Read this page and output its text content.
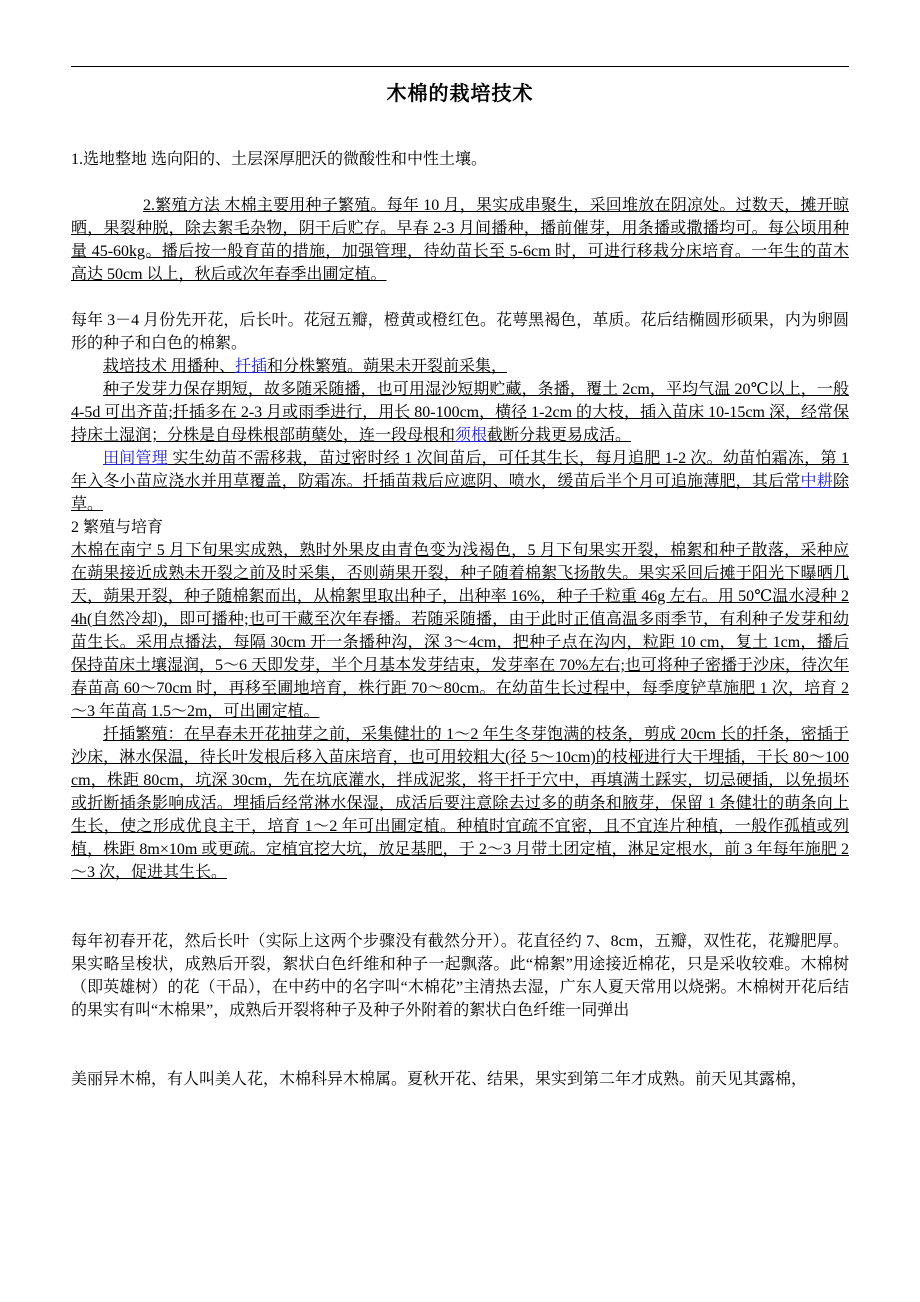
木棉的栽培技术

1.选地整地 选向阳的、土层深厚肥沃的微酸性和中性土壤。

2.繁殖方法 木棉主要用种子繁殖。每年 10 月，果实成串聚生，采回堆放在阴凉处。过数天，摊开晾晒，果裂种脱，除去絮毛杂物，阴干后贮存。早春 2-3 月间播种，播前催芽，用条播或撒播均可。每公顷用种量 45-60kg。播后按一般育苗的措施，加强管理，待幼苗长至 5-6cm 时，可进行移栽分床培育。一年生的苗木高达 50cm 以上，秋后或次年春季出圃定植。

每年 3－4 月份先开花，后长叶。花冠五瓣，橙黄或橙红色。花萼黑褐色，革质。花后结椭圆形硕果，内为卵圆形的种子和白色的棉絮。

栽培技术 用播种、扦插和分株繁殖。蒴果未开裂前采集，

种子发芽力保存期短，故多随采随播，也可用湿沙短期贮藏，条播，覆土 2cm，平均气温 20℃以上，一般 4-5d 可出齐苗;扦插多在 2-3 月或雨季进行，用长 80-100cm，横径 1-2cm 的大枝，插入苗床 10-15cm 深，经常保持床土湿润；分株是自母株根部萌蘖处，连一段母根和须根截断分栽更易成活。

田间管理 实生幼苗不需移栽，苗过密时经 1 次间苗后，可任其生长，每月追肥 1-2 次。幼苗怕霜冻，第 1 年入冬小苗应浇水并用草覆盖，防霜冻。扦插苗栽后应遮阴、喷水，缓苗后半个月可追施薄肥，其后常中耕除草。

2 繁殖与培育

木棉在南宁 5 月下旬果实成熟，熟时外果皮由青色变为浅褐色，5 月下旬果实开裂，棉絮和种子散落，采种应在蒴果接近成熟未开裂之前及时采集，否则蒴果开裂，种子随着棉絮飞扬散失。果实采回后摊于阳光下曝晒几天，蒴果开裂，种子随棉絮而出，从棉絮里取出种子，出种率 16%，种子千粒重 46g 左右。用 50℃温水浸种 24h(自然冷却)，即可播种;也可干藏至次年春播。若随采随播，由于此时正值高温多雨季节，有利种子发芽和幼苗生长。采用点播法，每隔 30cm 开一条播种沟，深 3～4cm，把种子点在沟内，粒距 10 cm，复土 1cm，播后保持苗床土壤湿润，5～6 天即发芽，半个月基本发芽结束，发芽率在 70%左右;也可将种子密播于沙床，待次年春苗高 60～70cm 时，再移至圃地培育，株行距 70～80cm。在幼苗生长过程中，每季度铲草施肥 1 次，培育 2～3 年苗高 1.5～2m，可出圃定植。

扦插繁殖：在早春未开花抽芽之前，采集健壮的 1～2 年生冬芽饱满的枝条，剪成 20cm 长的扦条，密插于沙床，淋水保温，待长叶发根后移入苗床培育，也可用较粗大(径 5～10cm)的枝桠进行大干埋插，干长 80～100cm，株距 80cm，坑深 30cm，先在坑底灌水，拌成泥浆，将干扦于穴中，再填满土踩实，切忌硬插，以免损坏或折断插条影响成活。埋插后经常淋水保湿，成活后要注意除去过多的萌条和腋芽，保留 1 条健壮的萌条向上生长，使之形成优良主干，培育 1～2 年可出圃定植。种植时宜疏不宜密，且不宜连片种植，一般作孤植或列植，株距 8m×10m 或更疏。定植宜挖大坑，放足基肥，于 2～3 月带土团定植，淋足定根水，前 3 年每年施肥 2～3 次，促进其生长。

每年初春开花，然后长叶（实际上这两个步骤没有截然分开）。花直径约 7、8cm，五瓣，双性花，花瓣肥厚。果实略呈梭状，成熟后开裂，絮状白色纤维和种子一起飘落。此“棉絮”用途接近棉花，只是采收较难。木棉树（即英雄树）的花（干品），在中药中的名字叫“木棉花”主清热去湿，广东人夏天常用以烧粥。木棉树开花后结的果实有叫“木棉果”，成熟后开裂将种子及种子外附着的絮状白色纤维一同弹出

美丽异木棉，有人叫美人花，木棉科异木棉属。夏秋开花、结果，果实到第二年才成熟。前天见其露棉，
